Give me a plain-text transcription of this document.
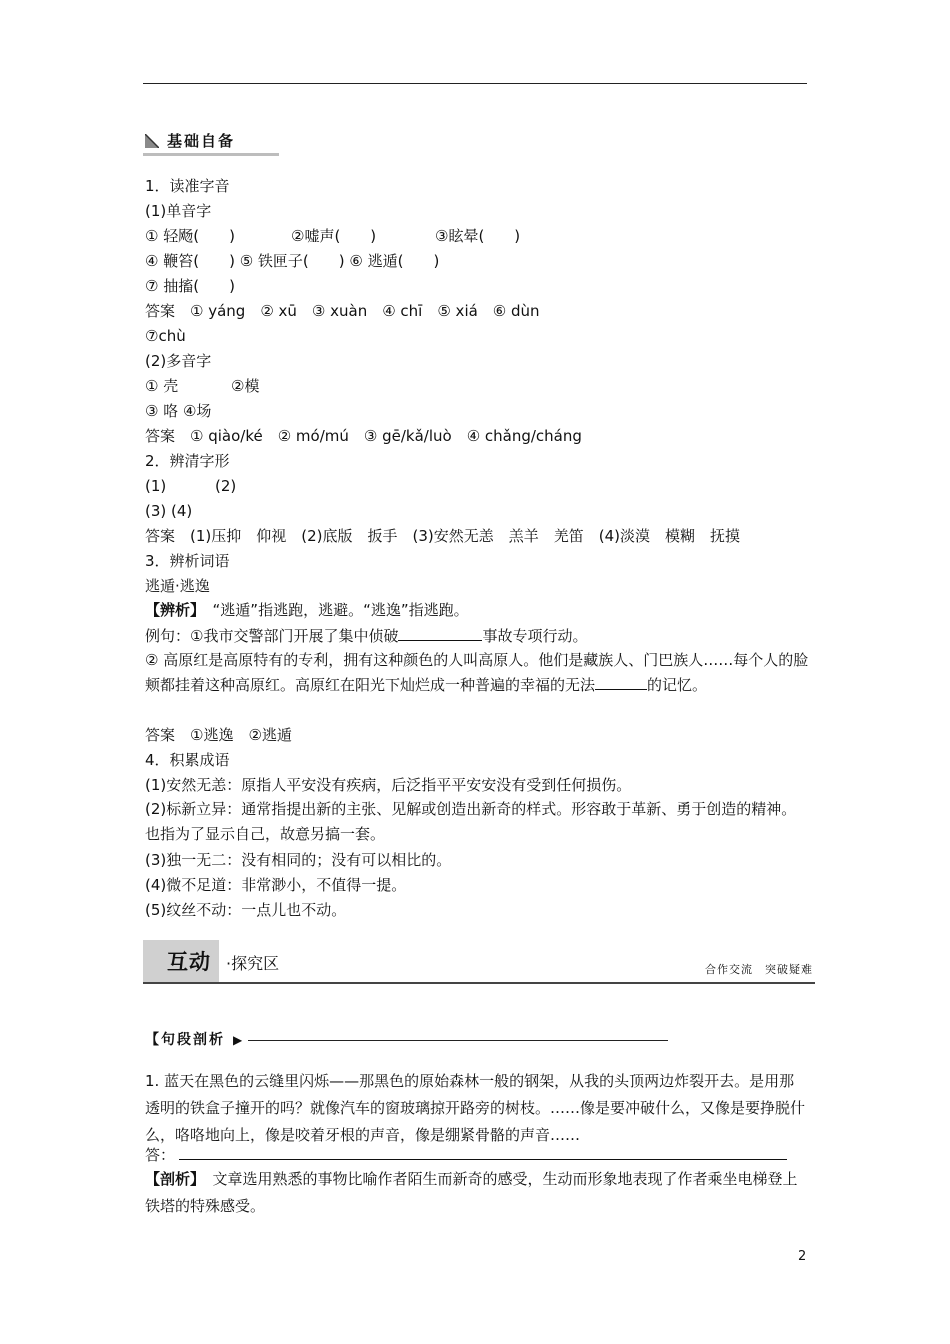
基础自备
1．读准字音
(1)单音字
① 轻飏(　　)	②嘘声(　　)	③眩晕(　　)
④ 鞭笞(　　) ⑤ 铁匣子(　　) ⑥ 逃遁(　　)
⑦ 抽搐(　　)
答案　① yáng　② xū　③ xuàn　④ chī　⑤ xiá　⑥ dùn
⑦chù
(2)多音字
① 壳	②模
③ 咯 ④场
答案　① qiào/ké　② mó/mú　③ gē/kǎ/luò　④ chǎng/cháng
2．辨清字形
(1)	(2)
(3) (4)
答案　(1)压抑　仰视　(2)底版　扳手　(3)安然无恙　羔羊　羌笛　(4)淡漠　模糊　抚摸
3．辨析词语
逃遁·逃逸
【辨析】　 “逃遁”指逃跑，逃避。“逃逸”指逃跑。
例句：①我市交警部门开展了集中侦破	事故专项行动。
② 高原红是高原特有的专利，拥有这种颜色的人叫高原人。他们是藏族人、门巴族人……每个人的脸颊都挂着这种高原红。高原红在阳光下灿烂成一种普遍的幸福的无法	的记忆。
答案　①逃逸　②逃遁
4．积累成语
(1)安然无恙：原指人平安没有疾病，后泛指平平安安没有受到任何损伤。
(2)标新立异：通常指提出新的主张、见解或创造出新奇的样式。形容敢于革新、勇于创造的精神。也指为了显示自己，故意另搞一套。
(3)独一无二：没有相同的；没有可以相比的。
(4)微不足道：非常渺小，不值得一提。
(5)纹丝不动：一点儿也不动。
互动 ·探究区	合作交流　突破疑难
【句段剖析 ▶
1. 蓝天在黑色的云缝里闪烁——那黑色的原始森林一般的钢架，从我的头顶两边炸裂开去。是用那透明的铁盒子撞开的吗？就像汽车的窗玻璃掠开路旁的树枝。……像是要冲破什么，又像是要挣脱什么，咯咯地向上，像是咬着牙根的声音，像是绷紧骨骼的声音……
答：
【剖析】　 文章选用熟悉的事物比喻作者陌生而新奇的感受，生动而形象地表现了作者乘坐电梯登上铁塔的特殊感受。
2
